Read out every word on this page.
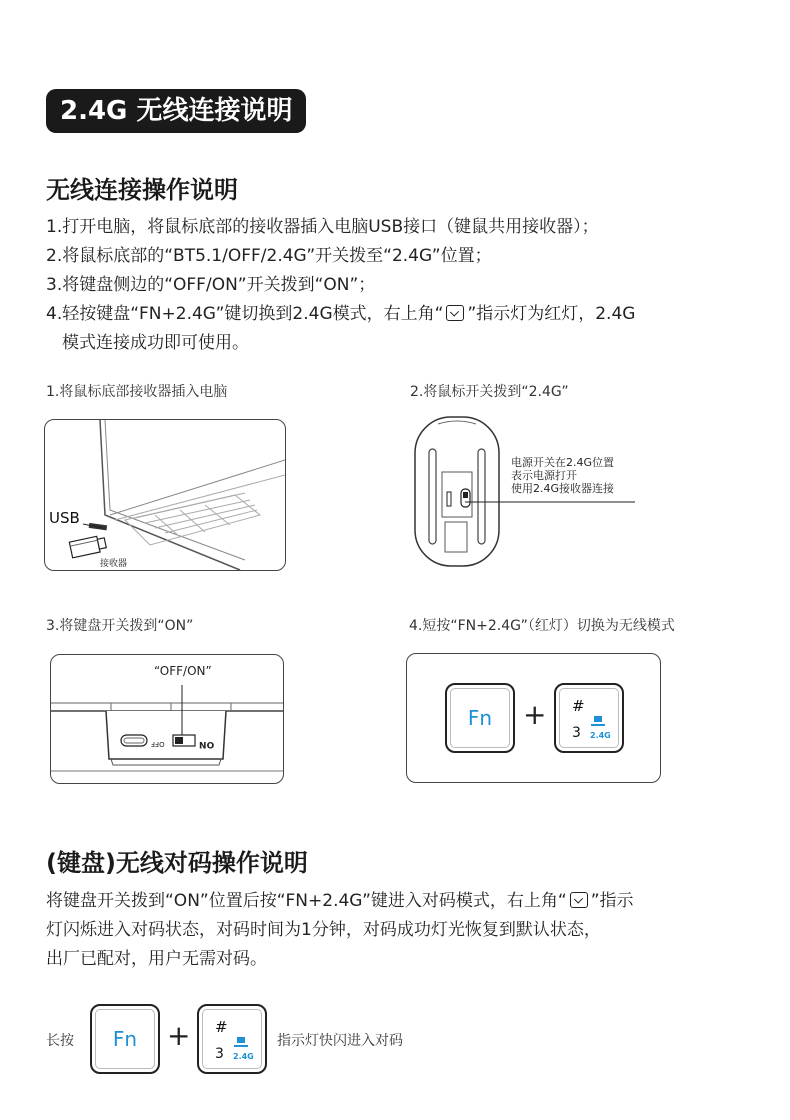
2.4G 无线连接说明
无线连接操作说明
1.打开电脑，将鼠标底部的接收器插入电脑USB接口（键鼠共用接收器）；
2.将鼠标底部的“BT5.1/OFF/2.4G”开关拨至“2.4G”位置；
3.将键盘侧边的“OFF/ON”开关拨到“ON”；
4.轻按键盘“FN+2.4G”键切换到2.4G模式，右上角“ ”指示灯为红灯，2.4G
模式连接成功即可使用。
1.将鼠标底部接收器插入电脑
USB
接收器
2.将鼠标开关拨到“2.4G”
电源开关在2.4G位置
表示电源打开
使用2.4G接收器连接
3.将键盘开关拨到“ON”
“OFF/ON”
OFF	ON
4.短按“FN+2.4G”（红灯）切换为无线模式
Fn	+ #
3 2.4G
(键盘)无线对码操作说明
将键盘开关拨到“ON”位置后按“FN+2.4G”键进入对码模式，右上角“ ”指示
灯闪烁进入对码状态，对码时间为1分钟，对码成功灯光恢复到默认状态，
出厂已配对，用户无需对码。
长按	Fn	+ #
3 2.4G
指示灯快闪进入对码
